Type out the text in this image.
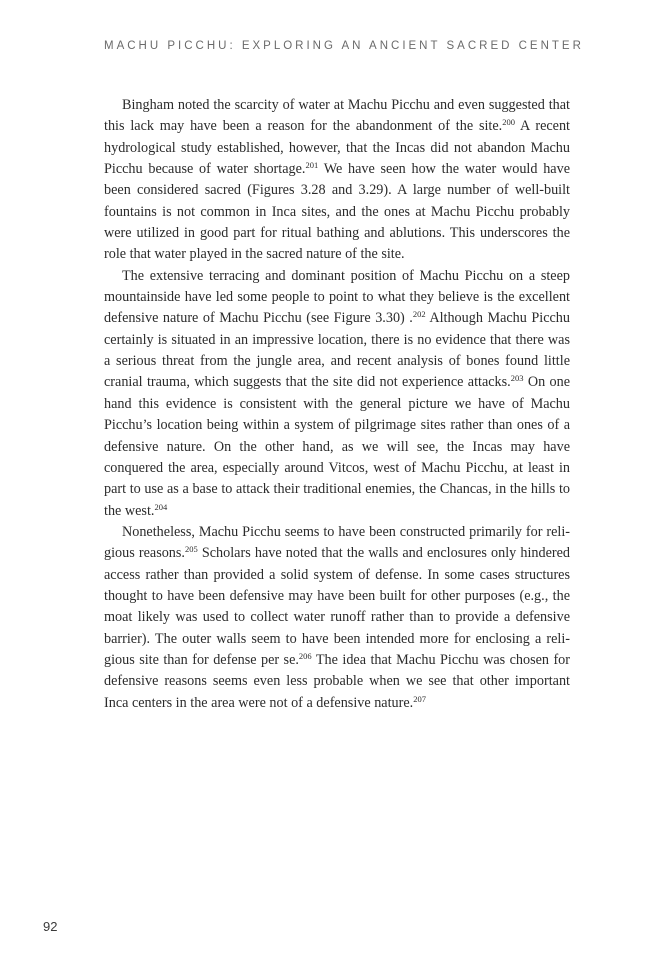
MACHU PICCHU: EXPLORING AN ANCIENT SACRED CENTER

Bingham noted the scarcity of water at Machu Picchu and even suggested that this lack may have been a reason for the abandonment of the site.$^{200}$ A recent hydrological study established, however, that the Incas did not abandon Machu Picchu because of water shortage.$^{201}$ We have seen how the water would have been considered sacred (Figures 3.28 and 3.29). A large number of well-built fountains is not common in Inca sites, and the ones at Machu Picchu probably were utilized in good part for ritual bathing and ablutions. This underscores the role that water played in the sacred nature of the site.

The extensive terracing and dominant position of Machu Picchu on a steep mountainside have led some people to point to what they believe is the excellent defensive nature of Machu Picchu (see Figure 3.30) .$^{202}$ Although Machu Picchu certainly is situated in an impressive location, there is no evidence that there was a serious threat from the jungle area, and recent analysis of bones found little cranial trauma, which suggests that the site did not experience attacks.$^{203}$ On one hand this evidence is consistent with the general picture we have of Machu Picchu’s location being within a system of pilgrimage sites rather than ones of a defensive nature. On the other hand, as we will see, the Incas may have conquered the area, especially around Vitcos, west of Machu Picchu, at least in part to use as a base to attack their traditional enemies, the Chancas, in the hills to the west.$^{204}$

Nonetheless, Machu Picchu seems to have been constructed primarily for reli-gious reasons.$^{205}$ Scholars have noted that the walls and enclosures only hindered access rather than provided a solid system of defense. In some cases structures thought to have been defensive may have been built for other purposes (e.g., the moat likely was used to collect water runoff rather than to provide a defensive barrier). The outer walls seem to have been intended more for enclosing a reli-gious site than for defense per se.$^{206}$ The idea that Machu Picchu was chosen for defensive reasons seems even less probable when we see that other important Inca centers in the area were not of a defensive nature.$^{207}$

92
